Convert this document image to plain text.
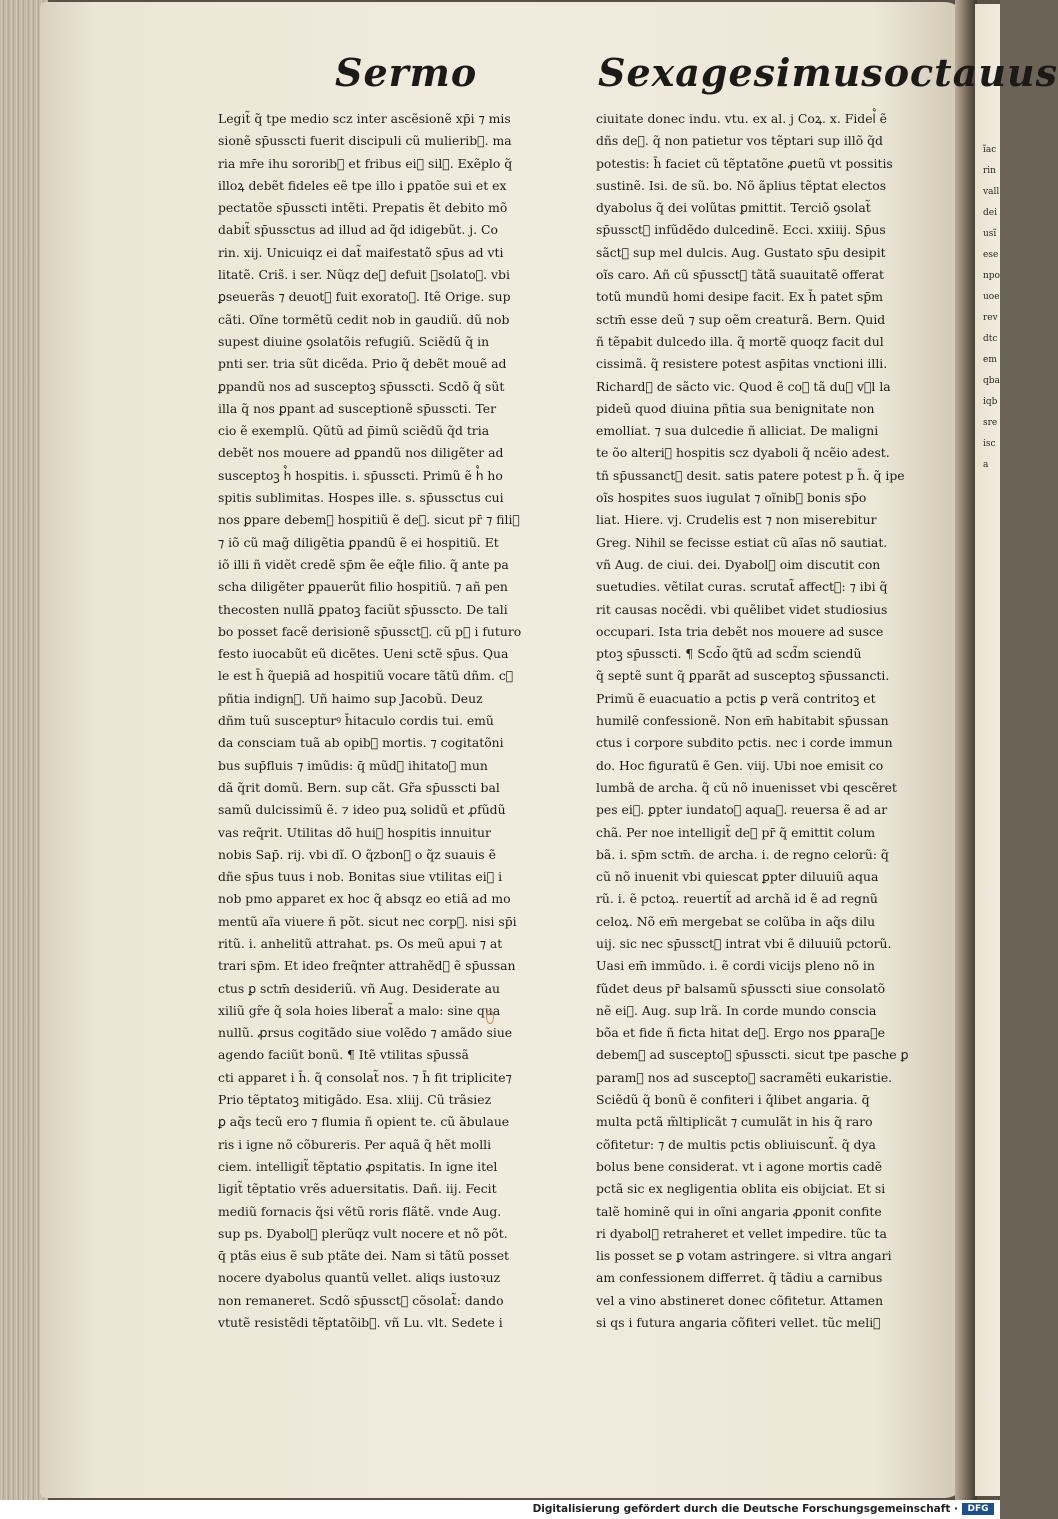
ĩacrinvalldeiusĩesenpouoerevdtcemqbaiqbsreisca
Sermo	Sexagesimusoctauus
Legit̃ q̃ tpe medio scz inter ascẽsionẽ xp̄i ⁊ mis
sionẽ sp̄usscti fuerit discipuli cũ mulierib᷒. ma
ria mr̄e ihu sororib᷒ et fribus ei᷒ sil᷒. Exẽplo q̃
illoꝝ debẽt fideles eẽ tpe illo i ꝑpatõe sui et ex
pectatõe sp̄usscti intẽti. Prepatis ẽt debito mõ
dabit̃ sp̄ussctus ad illud ad q̃d idigebũt. j. Co
rin. xij. Unicuiqz ei dat̃ maifestatõ sp̄us ad vti
litatẽ. Cris̃. i ser. Nũqz de᷒ defuit ꝯsolatoꝝ. vbi
ꝑseuerãs ⁊ deuot᷒ fuit exoratoꝝ. Itẽ Orige. sup
cãti. Oĩne tormẽtũ cedit nob in gaudiũ. dũ nob
supest diuine ꝯsolatõis refugiũ. Sciẽdũ q̃ in
pnti ser. tria sũt dicẽda. Prio q̃ debẽt mouẽ ad
ꝑpandũ nos ad susceptoꝫ sp̄usscti. Scdõ q̃ sũt
illa q̃ nos ꝑpant ad susceptionẽ sp̄usscti. Ter
cio ẽ exemplũ. Qũtũ ad p̄imũ sciẽdũ q̃d tria
debẽt nos mouere ad ꝑpandũ nos diligẽter ad
susceptoꝫ h᷒ hospitis. i. sp̄usscti. Primũ ẽ h᷒ ho
spitis sublimitas. Hospes ille. s. sp̄ussctus cui
nos ꝑpare debem᷒ hospitiũ ẽ de᷒. sicut pr̄ ⁊ fili᷒
⁊ iõ cũ mag̃ diligẽtia ꝑpandũ ẽ ei hospitiũ. Et
iõ illi ñ vidẽt credẽ sp̄m ẽe eq̃le filio. q̃ ante pa
scha diligẽter ꝑpauerũt filio hospitiũ. ⁊ añ pen
thecosten nullã ꝑpatoꝫ faciũt sp̄usscto. De tali
bo posset facẽ derisionẽ sp̄ussct᷒. cũ p᷒ i futuro
festo iuocabũt eũ dicẽtes. Ueni sctẽ sp̄us. Qua
le est h̄ q̃uepiã ad hospitiũ vocare tãtũ dñm. c᷒
pñtia indign᷒. Uñ haimo sup Jacobũ. Deuz
dñm tuũ suscepturꝰ h̄itaculo cordis tui. emũ
da consciam tuã ab opib᷒ mortis. ⁊ cogitatõni
bus sup̄fluis ⁊ imũdis: q̄ mũd᷒ ihitatoꝝ mun
dã q̃rit domũ. Bern. sup cãt. Gr̃a sp̄usscti bal
samũ dulcissimũ ẽ. ⁊ ideo puꝝ solidũ et ꝓfũdũ
vas req̃rit. Utilitas dõ hui᷒ hospitis innuitur
nobis Sap̄. rij. vbi dĩ. O q̃zbon᷒ o q̃z suauis ẽ
dñe sp̄us tuus i nob. Bonitas siue vtilitas ei᷒ i
nob pmo apparet ex hoc q̃ absqz eo etiã ad mo
mentũ aĩa viuere ñ põt. sicut nec corp᷒. nisi sp̄i
ritũ. i. anhelitũ attrahat. ps. Os meũ apui ⁊ at
trari sp̄m. Et ideo freq̃nter attrahẽd᷒ ẽ sp̄ussan
ctus ꝑ sctm̄ desideriũ. vñ Aug. Desiderate au
xiliũ gr̃e q̃ sola hoies liberat̃ a malo: sine qua
nullũ. ꝓrsus cogitãdo siue volẽdo ⁊ amãdo siue
agendo faciũt bonũ. ¶ Itẽ vtilitas sp̄ussã
cti apparet i h̄. q̃ consolat̃ nos. ⁊ h̄ fit triplicite⁊
Prio tẽptatoꝫ mitigãdo. Esa. xliij. Cũ trãsiez
ꝑ aq̃s tecũ ero ⁊ flumia ñ opient te. cũ ãbulaue
ris i igne nõ cõbureris. Per aquã q̃ hẽt molli
ciem. intelligit̃ tẽptatio ꝓspitatis. In igne itel
ligit̃ tẽptatio vrẽs aduersitatis. Dañ. iij. Fecit
mediũ fornacis q̃si vẽtũ roris flãtẽ. vnde Aug.
sup ps. Dyabol᷒ plerũqz vult nocere et nõ põt.
q̄ ptãs eius ẽ sub ptãte dei. Nam si tãtũ posset
nocere dyabolus quantũ vellet. aliqs iustoꝛuz
non remaneret. Scdõ sp̄ussct᷒ cõsolat̃: dando
vtutẽ resistẽdi tẽptatõib᷒. vñ Lu. vlt. Sedete i
ciuitate donec indu. vtu. ex al. j Coꝝ. x. Fidel᷒ ẽ
dñs de᷒. q̃ non patietur vos tẽptari sup illõ q̃d
potestis: h̄ faciet cũ tẽptatõne ꝓuetũ vt possitis
sustinẽ. Isi. de sũ. bo. Nõ ãplius tẽptat electos
dyabolus q̃ dei volũtas ꝑmittit. Terciõ ꝯsolat̃
sp̄ussct᷒ infũdẽdo dulcedinẽ. Ecci. xxiiij. Sp̄us
sãct᷒ sup mel dulcis. Aug. Gustato sp̄u desipit
oĩs caro. Añ cũ sp̄ussct᷒ tãtã suauitatẽ offerat
totũ mundũ homi desipe facit. Ex h̄ patet sp̄m
sctm̄ esse deũ ⁊ sup oẽm creaturã. Bern. Quid
ñ tẽpabit dulcedo illa. q̃ mortẽ quoqz facit dul
cissimã. q̃ resistere potest asp̄itas vnctioni illi.
Richard᷒ de sãcto vic. Quod ẽ coꝝ tã duꝝ v᷒l la
pideũ quod diuina pñtia sua benignitate non
emolliat. ⁊ sua dulcedie ñ alliciat. De maligni
te õo alteri᷒ hospitis scz dyaboli q̃ ncẽio adest.
tñ sp̄ussanct᷒ desit. satis patere potest p h̄. q̃ ipe
oĩs hospites suos iugulat ⁊ oĩnib᷒ bonis sp̄o
liat. Hiere. vj. Crudelis est ⁊ non miserebitur
Greg. Nihil se fecisse estiat cũ aĩas nõ sautiat.
vñ Aug. de ciui. dei. Dyabol᷒ oim discutit con
suetudies. vẽtilat curas. scrutat̃ affect᷒: ⁊ ibi q̃
rit causas nocẽdi. vbi quẽlibet videt studiosius
occupari. Ista tria debẽt nos mouere ad susce
ptoꝫ sp̄usscti. ¶ Scd̃o q̃tũ ad scd̃m sciendũ
q̃ septẽ sunt q̃ ꝑparãt ad susceptoꝫ sp̄ussancti.
Primũ ẽ euacuatio a pctis ꝑ verã contritoꝫ et
humilẽ confessionẽ. Non em̄ habitabit sp̄ussan
ctus i corpore subdito pctis. nec i corde immun
do. Hoc figuratũ ẽ Gen. viij. Ubi noe emisit co
lumbã de archa. q̃ cũ nõ inuenisset vbi qescẽret
pes ei᷒. ꝑpter iundatoꝫ aquaꝝ. reuersa ẽ ad ar
chã. Per noe intelligit̃ de᷒ pr̄ q̃ emittit colum
bã. i. sp̄m sctm̄. de archa. i. de regno celorũ: q̃
cũ nõ inuenit vbi quiescat ꝑpter diluuiũ aqua
rũ. i. ẽ pctoꝝ. reuertit̃ ad archã id ẽ ad regnũ
celoꝝ. Nõ em̄ mergebat se colũba in aq̃s dilu
uij. sic nec sp̄ussct᷒ intrat vbi ẽ diluuiũ pctorũ.
Uasi em̄ immũdo. i. ẽ cordi vicijs pleno nõ in
fũdet deus pr̄ balsamũ sp̄usscti siue consolatõ
nẽ ei᷒. Aug. sup lrã. In corde mundo conscia
bõa et fide ñ ficta hitat de᷒. Ergo nos ꝑparaꝛe
debem᷒ ad susceptoꝫ sp̄usscti. sicut tpe pasche ꝑ
param᷒ nos ad susceptoꝫ sacramẽti eukaristie.
Sciẽdũ q̃ bonũ ẽ confiteri i q̃libet angaria. q̄
multa pctã m̃ltiplicãt ⁊ cumulãt in his q̃ raro
cõfitetur: ⁊ de multis pctis obliuiscunt̃. q̃ dya
bolus bene considerat. vt i agone mortis cadẽ
pctã sic ex negligentia oblita eis obijciat. Et si
talẽ hominẽ qui in oĩni angaria ꝓponit confite
ri dyabol᷒ retraheret et vellet impedire. tũc ta
lis posset se ꝑ votam astringere. si vltra angari
am confessionem differret. q̃ tãdiu a carnibus
vel a vino abstineret donec cõfitetur. Attamen
si qs i futura angaria cõfiteri vellet. tũc meli᷒
Digitalisierung gefördert durch die Deutsche Forschungsgemeinschaft ·	DFG
